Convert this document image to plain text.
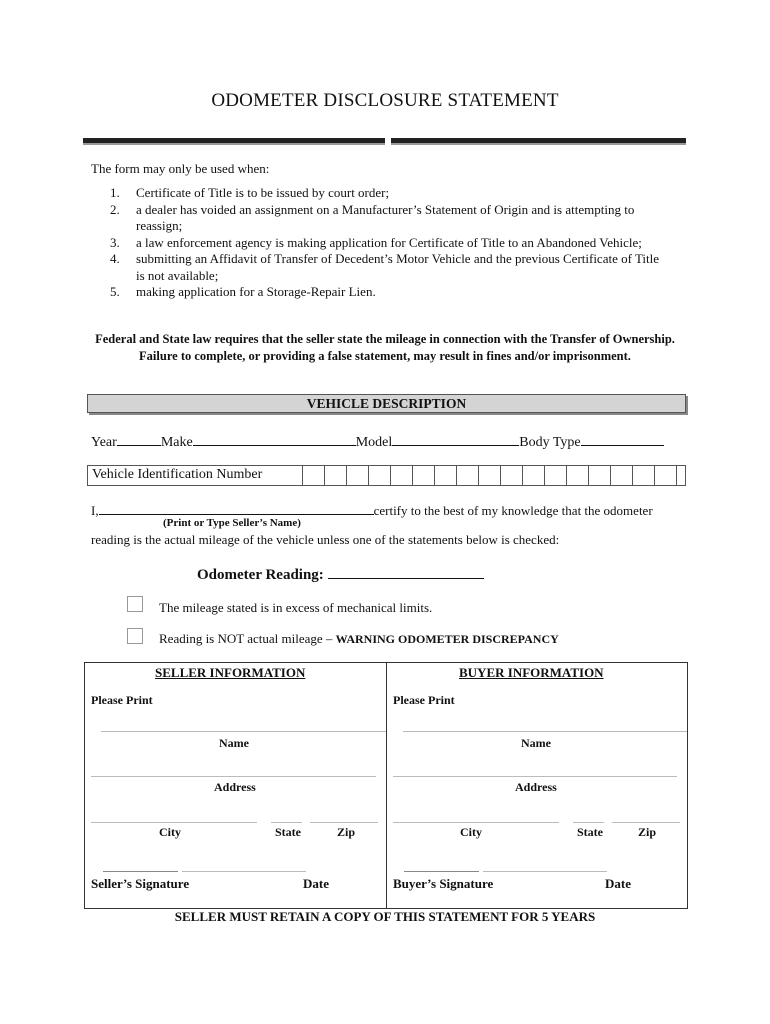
ODOMETER DISCLOSURE STATEMENT
The form may only be used when:
1.	Certificate of Title is to be issued by court order;
2.	a dealer has voided an assignment on a Manufacturer’s Statement of Origin and is attempting to reassign;
3.	a law enforcement agency is making application for Certificate of Title to an Abandoned Vehicle;
4.	submitting an Affidavit of Transfer of Decedent’s Motor Vehicle and the previous Certificate of Title is not available;
5.	making application for a Storage-Repair Lien.
Federal and State law requires that the seller state the mileage in connection with the Transfer of Ownership. Failure to complete, or providing a false statement, may result in fines and/or imprisonment.
VEHICLE DESCRIPTION
Year	Make	Model	Body Type
Vehicle Identification Number
I,	certify to the best of my knowledge that the odometer
(Print or Type Seller’s Name)
reading is the actual mileage of the vehicle unless one of the statements below is checked:
Odometer Reading:
The mileage stated is in excess of mechanical limits.
Reading is NOT actual mileage – WARNING ODOMETER DISCREPANCY
SELLER INFORMATION
Please Print
Name
Address
City	State	Zip
Seller’s Signature	Date
BUYER INFORMATION
Please Print
Name
Address
City	State	Zip
Buyer’s Signature	Date
SELLER MUST RETAIN A COPY OF THIS STATEMENT FOR 5 YEARS
